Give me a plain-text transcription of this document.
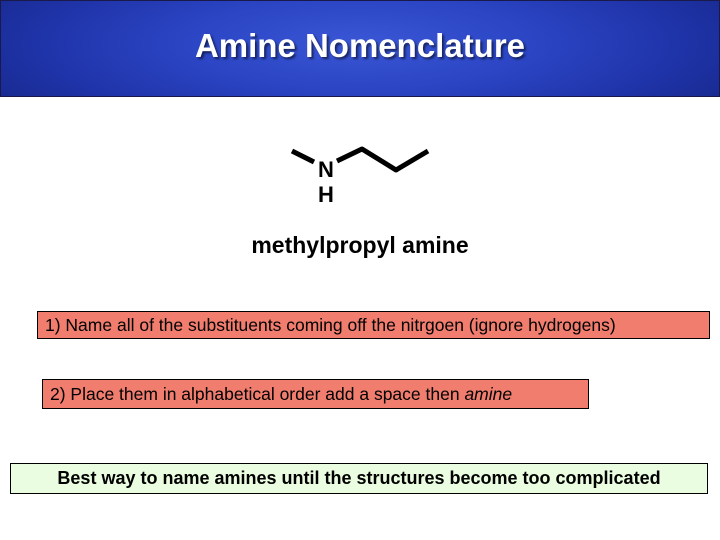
Amine Nomenclature
N
H
methylpropyl amine
1) Name all of the substituents coming off the nitrgoen (ignore hydrogens)
2) Place them in alphabetical order add a space then amine
Best way to name amines until the structures become too complicated
